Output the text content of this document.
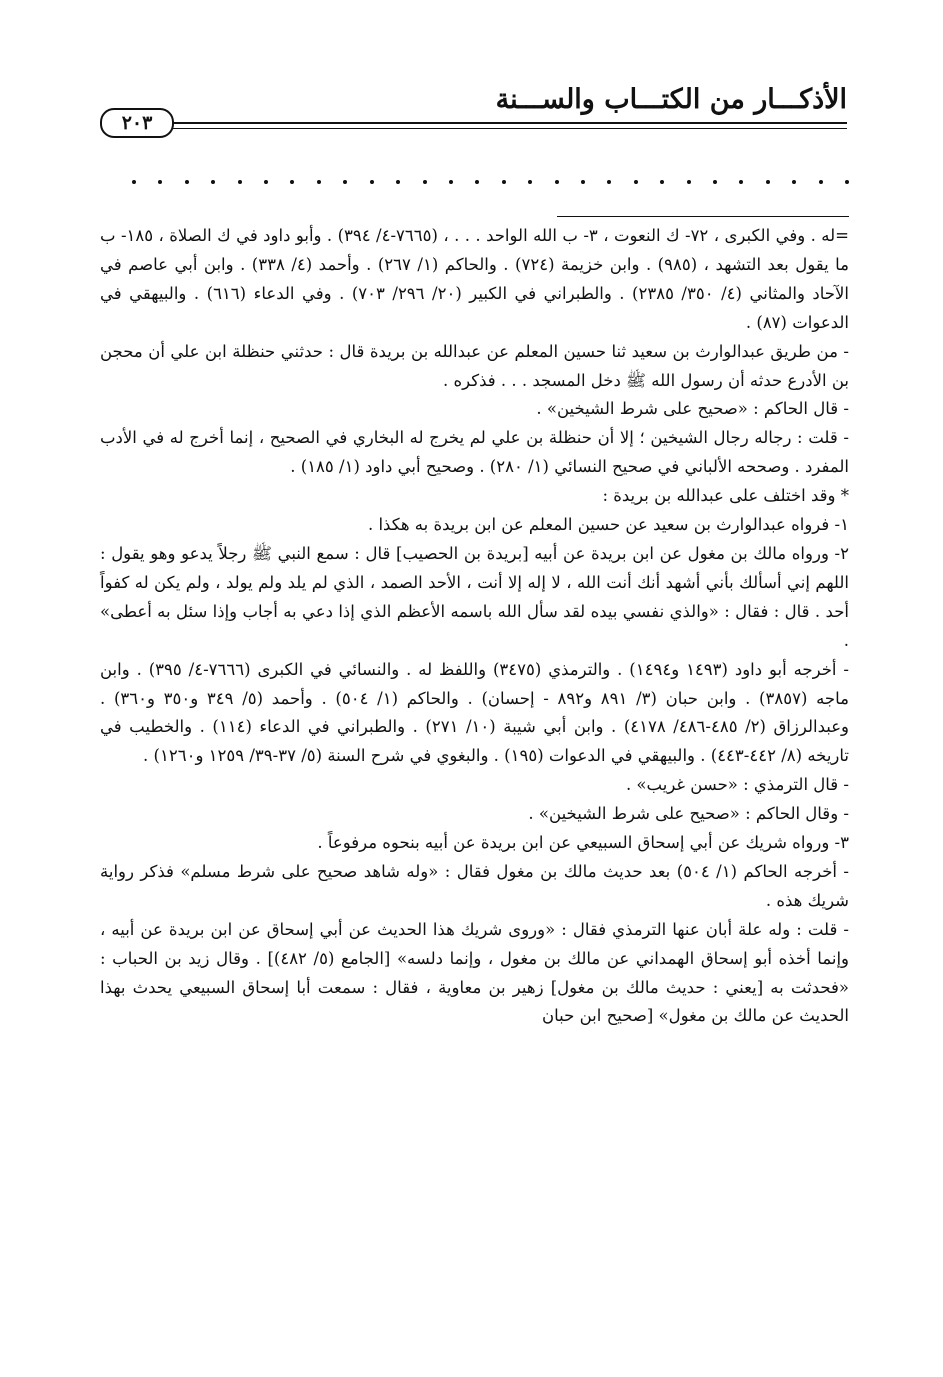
الأذكـــار من الكتـــاب والســـنة
٢٠٣

=له . وفي الكبرى ، ٧٢- ك النعوت ، ٣- ب الله الواحد . . . ، (٧٦٦٥-٤/ ٣٩٤) . وأبو داود في ك الصلاة ، ١٨٥- ب ما يقول بعد التشهد ، (٩٨٥) . وابن خزيمة (٧٢٤) . والحاكم (١/ ٢٦٧) . وأحمد (٤/ ٣٣٨) . وابن أبي عاصم في الآحاد والمثاني (٤/ ٣٥٠/ ٢٣٨٥) . والطبراني في الكبير (٢٠/ ٢٩٦/ ٧٠٣) . وفي الدعاء (٦١٦) . والبيهقي في الدعوات (٨٧) .

- من طريق عبدالوارث بن سعيد ثنا حسين المعلم عن عبدالله بن بريدة قال : حدثني حنظلة ابن علي أن محجن بن الأدرع حدثه أن رسول الله ﷺ دخل المسجد . . . فذكره .

- قال الحاكم : «صحيح على شرط الشيخين» .

- قلت : رجاله رجال الشيخين ؛ إلا أن حنظلة بن علي لم يخرج له البخاري في الصحيح ، إنما أخرج له في الأدب المفرد . وصححه الألباني في صحيح النسائي (١/ ٢٨٠) . وصحيح أبي داود (١/ ١٨٥) .

* وقد اختلف على عبدالله بن بريدة :

١- فرواه عبدالوارث بن سعيد عن حسين المعلم عن ابن بريدة به هكذا .

٢- ورواه مالك بن مغول عن ابن بريدة عن أبيه [بريدة بن الحصيب] قال : سمع النبي ﷺ رجلاً يدعو وهو يقول : اللهم إني أسألك بأني أشهد أنك أنت الله ، لا إله إلا أنت ، الأحد الصمد ، الذي لم يلد ولم يولد ، ولم يكن له كفواً أحد . قال : فقال : «والذي نفسي بيده لقد سأل الله باسمه الأعظم الذي إذا دعي به أجاب وإذا سئل به أعطى» .

- أخرجه أبو داود (١٤٩٣ و١٤٩٤) . والترمذي (٣٤٧٥) واللفظ له . والنسائي في الكبرى (٧٦٦٦-٤/ ٣٩٥) . وابن ماجه (٣٨٥٧) . وابن حبان (٣/ ٨٩١ و٨٩٢ - إحسان) . والحاكم (١/ ٥٠٤) . وأحمد (٥/ ٣٤٩ و٣٥٠ و٣٦٠) . وعبدالرزاق (٢/ ٤٨٥-٤٨٦/ ٤١٧٨) . وابن أبي شيبة (١٠/ ٢٧١) . والطبراني في الدعاء (١١٤) . والخطيب في تاريخه (٨/ ٤٤٢-٤٤٣) . والبيهقي في الدعوات (١٩٥) . والبغوي في شرح السنة (٥/ ٣٧-٣٩/ ١٢٥٩ و١٢٦٠) .

- قال الترمذي : «حسن غريب» .

- وقال الحاكم : «صحيح على شرط الشيخين» .

٣- ورواه شريك عن أبي إسحاق السبيعي عن ابن بريدة عن أبيه بنحوه مرفوعاً .

- أخرجه الحاكم (١/ ٥٠٤) بعد حديث مالك بن مغول فقال : «وله شاهد صحيح على شرط مسلم» فذكر رواية شريك هذه .

- قلت : وله علة أبان عنها الترمذي فقال : «وروى شريك هذا الحديث عن أبي إسحاق عن ابن بريدة عن أبيه ، وإنما أخذه أبو إسحاق الهمداني عن مالك بن مغول ، وإنما دلسه» [الجامع (٥/ ٤٨٢)] . وقال زيد بن الحباب : «فحدثت به [يعني : حديث مالك بن مغول] زهير بن معاوية ، فقال : سمعت أبا إسحاق السبيعي يحدث بهذا الحديث عن مالك بن مغول» [صحيح ابن حبان
